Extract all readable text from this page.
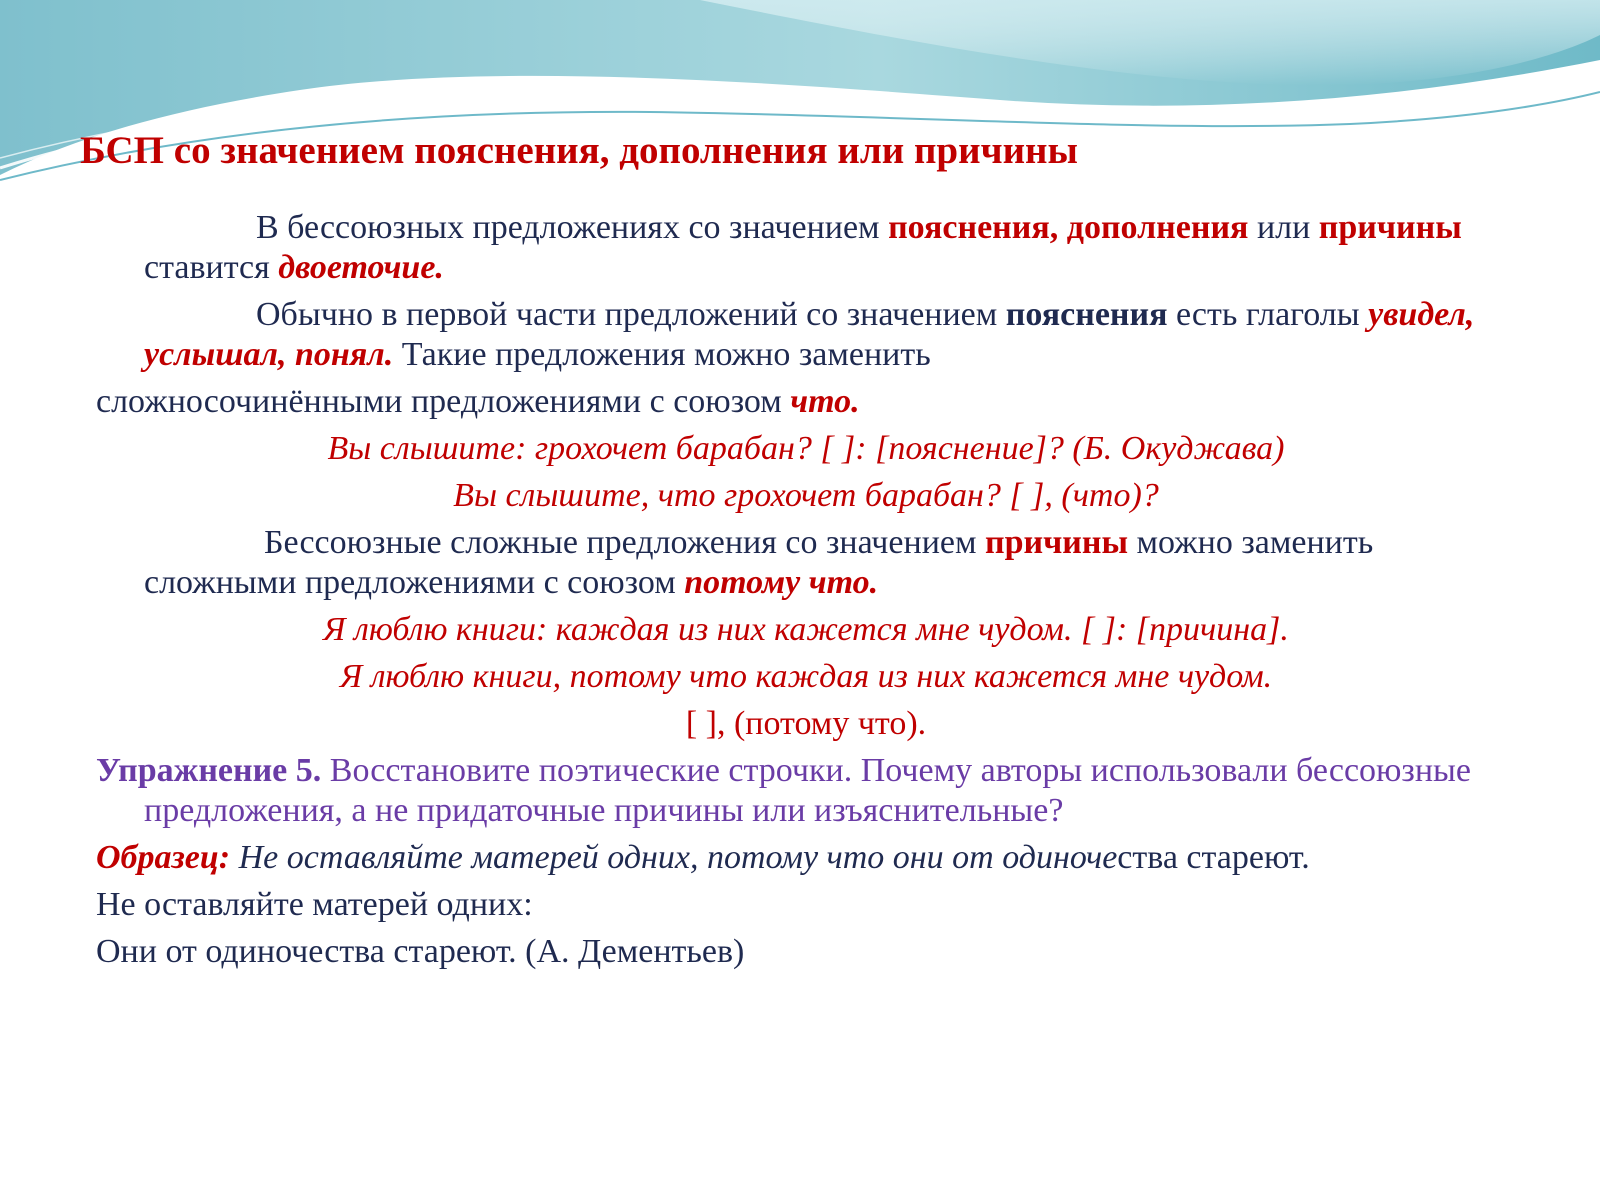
БСП со значением пояснения, дополнения или причины

В бессоюзных предложениях со значением пояснения, дополнения или причины ставится двоеточие.

Обычно в первой части предложений со значением пояснения есть глаголы увидел, услышал, понял. Такие предложения можно заменить

сложносочинёнными предложениями с союзом что.

Вы слышите: грохочет барабан? [ ]: [пояснение]? (Б. Окуджава)

Вы слышите, что грохочет барабан? [ ], (что)?

Бессоюзные сложные предложения со значением причины можно заменить сложными предложениями с союзом потому что.

Я люблю книги: каждая из них кажется мне чудом. [ ]: [причина].

Я люблю книги, потому что каждая из них кажется мне чудом.

[ ], (потому что).

Упражнение 5. Восстановите поэтические строчки. Почему авторы использовали бессоюзные предложения, а не придаточные причины или изъяснительные?

Образец: Не оставляйте матерей одних, потому что они от одиночества стареют.

Не оставляйте матерей одних:

Они от одиночества стареют. (А. Дементьев)
